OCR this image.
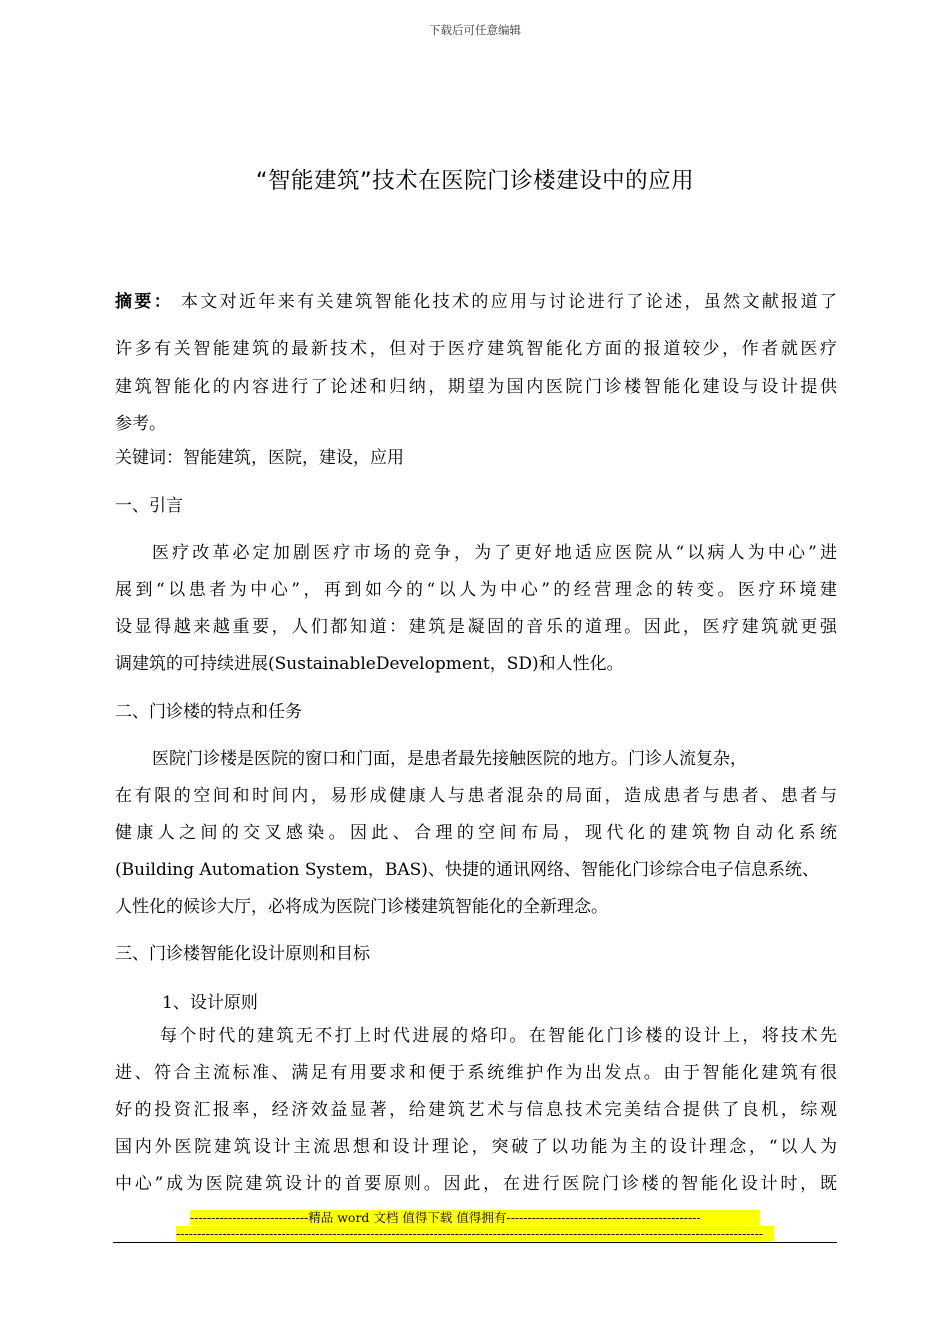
下载后可任意编辑
“智能建筑”技术在医院门诊楼建设中的应用
摘要： 本文对近年来有关建筑智能化技术的应用与讨论进行了论述，虽然文献报道了
许多有关智能建筑的最新技术，但对于医疗建筑智能化方面的报道较少，作者就医疗
建筑智能化的内容进行了论述和归纳，期望为国内医院门诊楼智能化建设与设计提供
参考。
关键词：智能建筑，医院，建设，应用
一、引言
医疗改革必定加剧医疗市场的竞争，为了更好地适应医院从“以病人为中心”进
展到“以患者为中心”，再到如今的“以人为中心”的经营理念的转变。医疗环境建
设显得越来越重要，人们都知道：建筑是凝固的音乐的道理。因此，医疗建筑就更强
调建筑的可持续进展(SustainableDevelopment，SD)和人性化。
二、门诊楼的特点和任务
医院门诊楼是医院的窗口和门面，是患者最先接触医院的地方。门诊人流复杂，
在有限的空间和时间内，易形成健康人与患者混杂的局面，造成患者与患者、患者与
健康人之间的交叉感染。因此、合理的空间布局，现代化的建筑物自动化系统
(Building Automation System，BAS)、快捷的通讯网络、智能化门诊综合电子信息系统、
人性化的候诊大厅，必将成为医院门诊楼建筑智能化的全新理念。
三、门诊楼智能化设计原则和目标
1、设计原则
每个时代的建筑无不打上时代进展的烙印。在智能化门诊楼的设计上，将技术先
进、符合主流标准、满足有用要求和便于系统维护作为出发点。由于智能化建筑有很
好的投资汇报率，经济效益显著，给建筑艺术与信息技术完美结合提供了良机，综观
国内外医院建筑设计主流思想和设计理论，突破了以功能为主的设计理念，“以人为
中心”成为医院建筑设计的首要原则。因此，在进行医院门诊楼的智能化设计时，既
----------------------------精品 word 文档 值得下载 值得拥有----------------------------------------------
-------------------------------------------------------------------------------------------------------------------------------------------
